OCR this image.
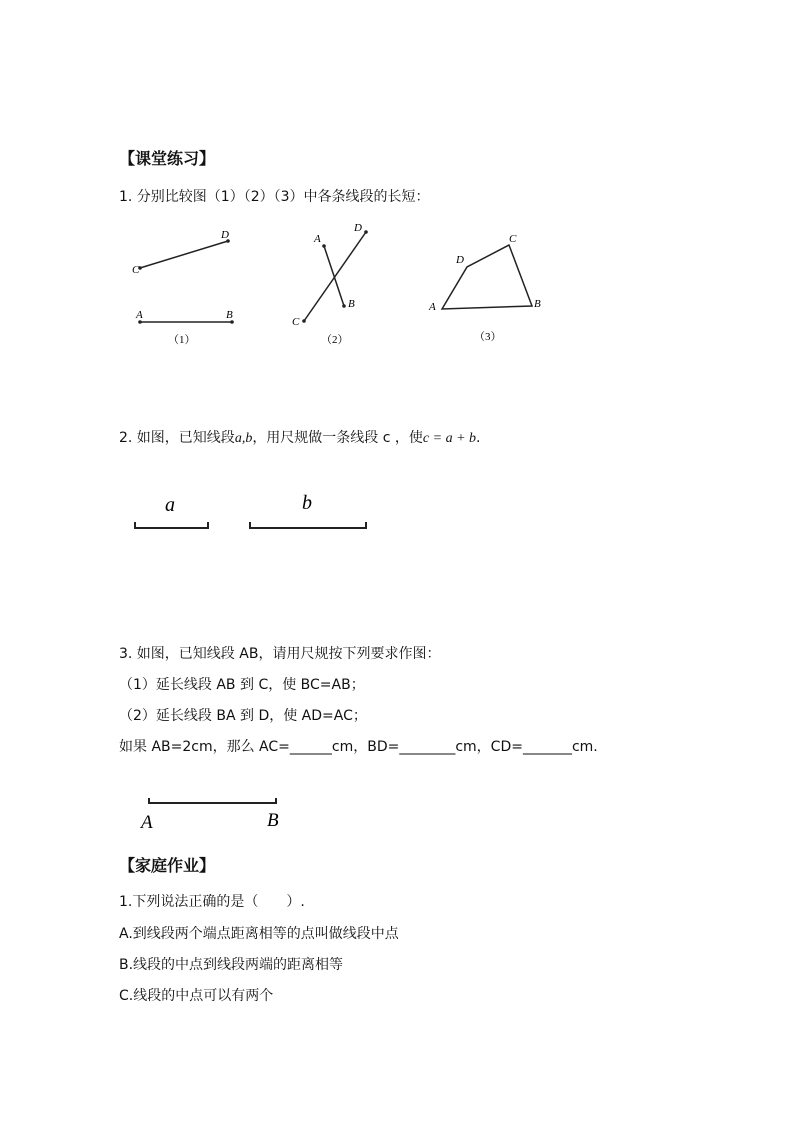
【课堂练习】
1. 分别比较图（1）（2）（3）中各条线段的长短：
C
D
A	B
（1）
A
D
B
C
（2）
D
C
A	B
（3）
2. 如图，已知线段a,b，用尺规做一条线段 c ，使c = a + b.
a	b
3. 如图，已知线段 AB，请用尺规按下列要求作图：
（1）延长线段 AB 到 C，使 BC=AB；
（2）延长线段 BA 到 D，使 AD=AC；
如果 AB=2cm，那么 AC=______cm，BD=________cm，CD=_______cm.
A	B
【家庭作业】
1.下列说法正确的是（　　）.
A.到线段两个端点距离相等的点叫做线段中点
B.线段的中点到线段两端的距离相等
C.线段的中点可以有两个
